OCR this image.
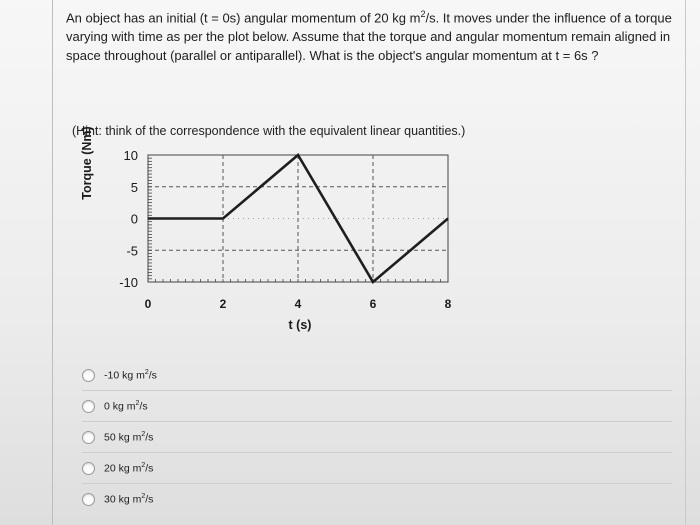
An object has an initial (t = 0s) angular momentum of 20 kg $m^2/s$. It moves under the influence of a torque varying with time as per the plot below. Assume that the torque and angular momentum remain aligned in space throughout (parallel or antiparallel). What is the object's angular momentum at t = 6s ?
(Hint: think of the correspondence with the equivalent linear quantities.)
Torque (Nm)
t (s)
10
5
0
-5
-10
0	2	4	6	8
-10 kg $m^2/s$
0 kg $m^2/s$
50 kg $m^2/s$
20 kg $m^2/s$
30 kg $m^2/s$
